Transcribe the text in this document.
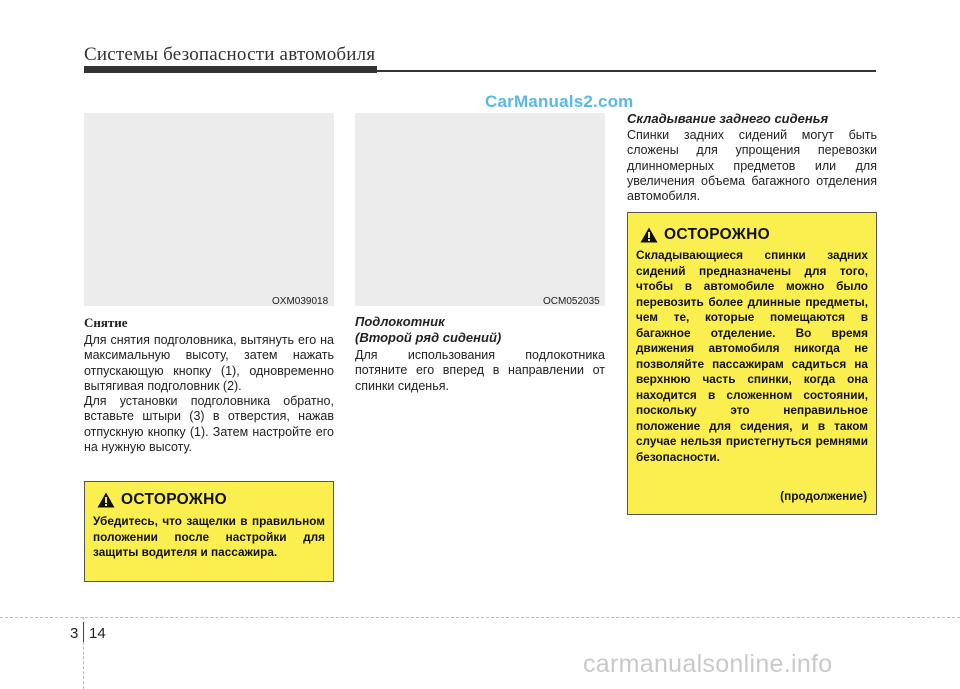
Системы безопасности автомобиля
CarManuals2.com
OXM039018
Снятие

Для снятия подголовника, вытянуть его на максимальную высоту, затем нажать отпускающую кнопку (1), одновременно вытягивая подголовник (2).

Для установки подголовника обратно, вставьте штыри (3) в отверстия, нажав отпускную кнопку (1). Затем настройте его на нужную высоту.

ОСТОРОЖНО
Убедитесь, что защелки в правильном положении после настройки для защиты водителя и пассажира.
OCM052035
Подлокотник
(Второй ряд сидений)
Для использования подлокотника потяните его вперед в направлении от спинки сиденья.
Складывание заднего сиденья
Спинки задних сидений могут быть сложены для упрощения перевозки длинномерных предметов или для увеличения объема багажного отделения автомобиля.
ОСТОРОЖНО
Складывающиеся спинки задних сидений предназначены для того, чтобы в автомобиле можно было перевозить более длинные предметы, чем те, которые помещаются в багажное отделение. Во время движения автомобиля никогда не позволяйте пассажирам садиться на верхнюю часть спинки, когда она находится в сложенном состоянии, поскольку это неправильное положение для сидения, и в таком случае нельзя пристегнуться ремнями безопасности.
(продолжение)
3 14
carmanualsonline.info
